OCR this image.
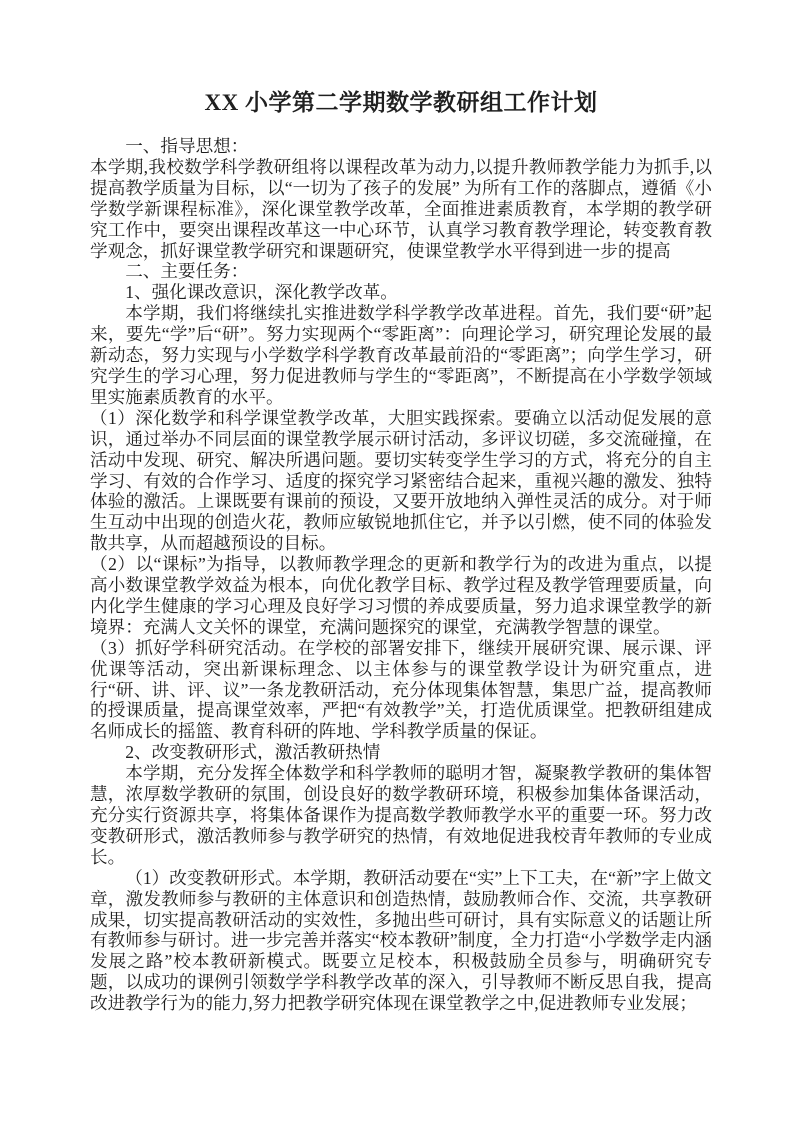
XX 小学第二学期数学教研组工作计划

一、指导思想：

本学期,我校数学科学教研组将以课程改革为动力,以提升教师教学能力为抓手,以提高教学质量为目标，以“一切为了孩子的发展” 为所有工作的落脚点，遵循《小学数学新课程标准》，深化课堂教学改革，全面推进素质教育，本学期的教学研究工作中，要突出课程改革这一中心环节，认真学习教育教学理论，转变教育教学观念，抓好课堂教学研究和课题研究，使课堂教学水平得到进一步的提高

二、主要任务：

1、强化课改意识，深化教学改革。

本学期，我们将继续扎实推进数学科学教学改革进程。首先，我们要“研”起来，要先“学”后“研”。努力实现两个“零距离”：向理论学习，研究理论发展的最新动态，努力实现与小学数学科学教育改革最前沿的“零距离”；向学生学习，研究学生的学习心理，努力促进教师与学生的“零距离”，不断提高在小学数学领域里实施素质教育的水平。

（1）深化数学和科学课堂教学改革，大胆实践探索。要确立以活动促发展的意识，通过举办不同层面的课堂教学展示研讨活动，多评议切磋，多交流碰撞，在活动中发现、研究、解决所遇问题。要切实转变学生学习的方式，将充分的自主学习、有效的合作学习、适度的探究学习紧密结合起来，重视兴趣的激发、独特体验的激活。上课既要有课前的预设，又要开放地纳入弹性灵活的成分。对于师生互动中出现的创造火花，教师应敏锐地抓住它，并予以引燃，使不同的体验发散共享，从而超越预设的目标。

（2）以“课标”为指导，以教师教学理念的更新和教学行为的改进为重点，以提高小数课堂教学效益为根本，向优化教学目标、教学过程及教学管理要质量，向内化学生健康的学习心理及良好学习习惯的养成要质量，努力追求课堂教学的新境界：充满人文关怀的课堂，充满问题探究的课堂，充满教学智慧的课堂。

（3）抓好学科研究活动。在学校的部署安排下，继续开展研究课、展示课、评优课等活动，突出新课标理念、以主体参与的课堂教学设计为研究重点，进行“研、讲、评、议”一条龙教研活动，充分体现集体智慧，集思广益，提高教师的授课质量，提高课堂效率，严把“有效教学”关，打造优质课堂。把教研组建成名师成长的摇篮、教育科研的阵地、学科教学质量的保证。

2、改变教研形式，激活教研热情

本学期，充分发挥全体数学和科学教师的聪明才智，凝聚教学教研的集体智慧，浓厚数学教研的氛围，创设良好的数学教研环境，积极参加集体备课活动，充分实行资源共享，将集体备课作为提高数学教师教学水平的重要一环。努力改变教研形式，激活教师参与教学研究的热情，有效地促进我校青年教师的专业成长。

（1）改变教研形式。本学期，教研活动要在“实”上下工夫，在“新”字上做文章，激发教师参与教研的主体意识和创造热情，鼓励教师合作、交流，共享教研成果，切实提高教研活动的实效性，多抛出些可研讨，具有实际意义的话题让所有教师参与研讨。进一步完善并落实“校本教研”制度，全力打造“小学数学走内涵发展之路”校本教研新模式。既要立足校本，积极鼓励全员参与，明确研究专题，以成功的课例引领数学学科教学改革的深入，引导教师不断反思自我，提高改进教学行为的能力,努力把教学研究体现在课堂教学之中,促进教师专业发展；
